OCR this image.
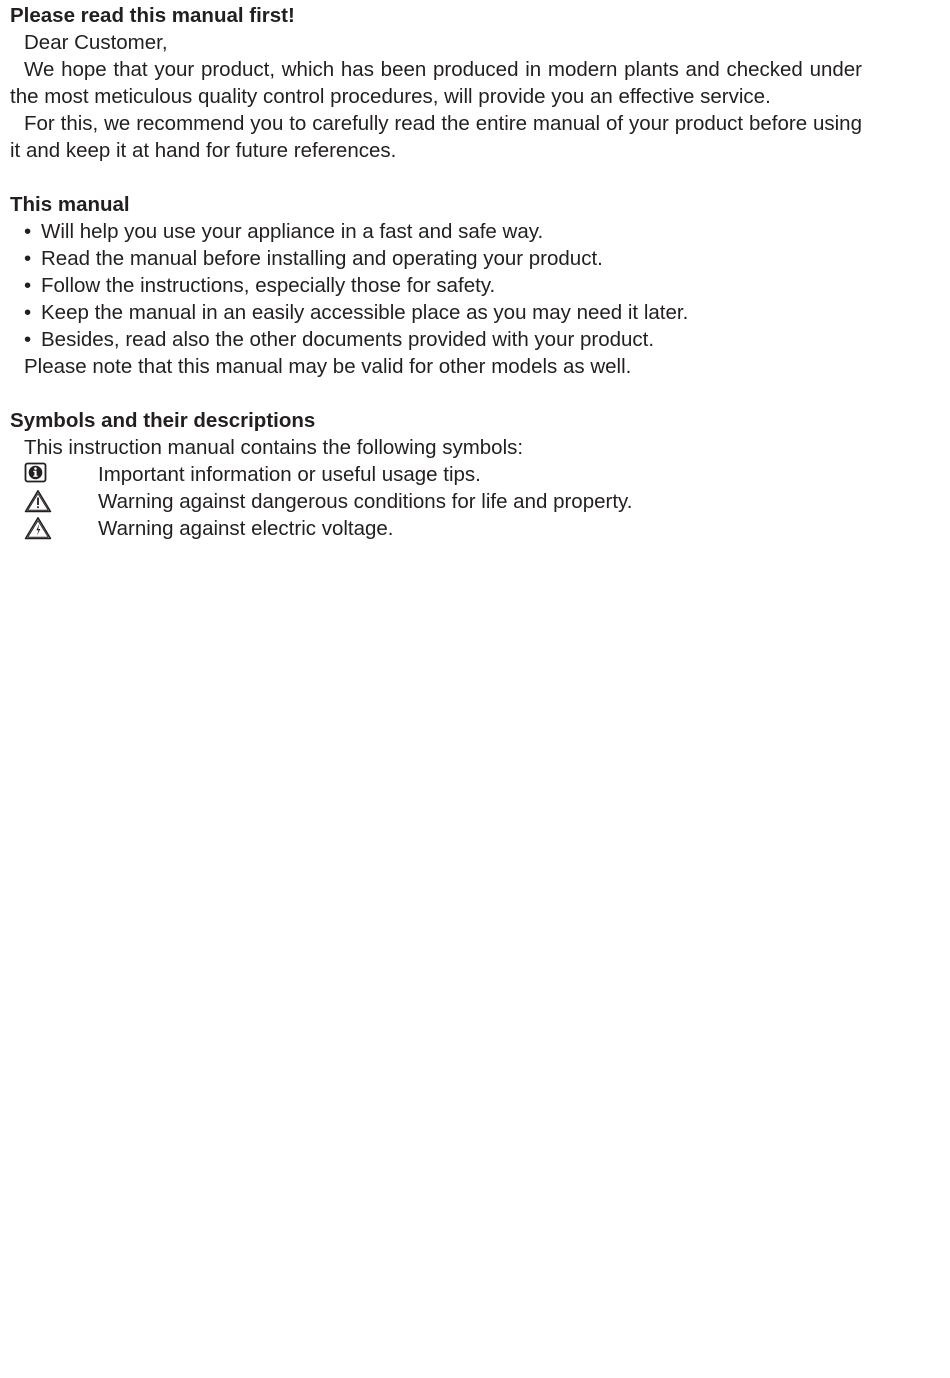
Please read this manual first!

Dear Customer,

We hope that your product, which has been produced in modern plants and checked under the most meticulous quality control procedures, will provide you an effective service.

For this, we recommend you to carefully read the entire manual of your product before using it and keep it at hand for future references.

This manual
• Will help you use your appliance in a fast and safe way.
• Read the manual before installing and operating your product.
• Follow the instructions, especially those for safety.
• Keep the manual in an easily accessible place as you may need it later.
• Besides, read also the other documents provided with your product.

Please note that this manual may be valid for other models as well.

Symbols and their descriptions

This instruction manual contains the following symbols:

Important information or useful usage tips.
Warning against dangerous conditions for life and property.
Warning against electric voltage.
